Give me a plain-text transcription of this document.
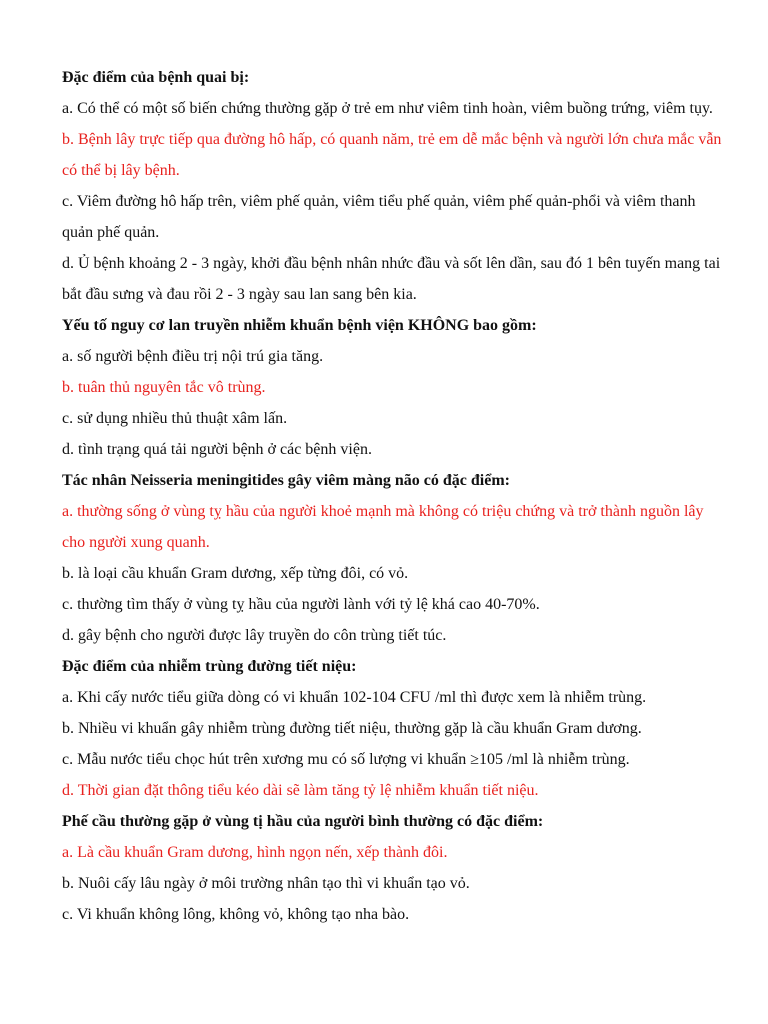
Đặc điểm của bệnh quai bị:
a. Có thể có một số biến chứng thường gặp ở trẻ em như viêm tinh hoàn, viêm buồng trứng, viêm tụy.
b. Bệnh lây trực tiếp qua đường hô hấp, có quanh năm, trẻ em dễ mắc bệnh và người lớn chưa mắc vẫn có thể bị lây bệnh.
c. Viêm đường hô hấp trên, viêm phế quản, viêm tiểu phế quản, viêm phế quản-phổi và viêm thanh quản phế quản.
d. Ủ bệnh khoảng 2 - 3 ngày, khởi đầu bệnh nhân nhức đầu và sốt lên dần, sau đó 1 bên tuyến mang tai bắt đầu sưng và đau rồi 2 - 3 ngày sau lan sang bên kia.
Yếu tố nguy cơ lan truyền nhiễm khuẩn bệnh viện KHÔNG bao gồm:
a. số người bệnh điều trị nội trú gia tăng.
b. tuân thủ nguyên tắc vô trùng.
c. sử dụng nhiều thủ thuật xâm lấn.
d. tình trạng quá tải người bệnh ở các bệnh viện.
Tác nhân Neisseria meningitides gây viêm màng não có đặc điểm:
a. thường sống ở vùng tỵ hầu của người khoẻ mạnh mà không có triệu chứng và trở thành nguồn lây cho người xung quanh.
b. là loại cầu khuẩn Gram dương, xếp từng đôi, có vỏ.
c. thường tìm thấy ở vùng tỵ hầu của người lành với tỷ lệ khá cao 40-70%.
d. gây bệnh cho người được lây truyền do côn trùng tiết túc.
Đặc điểm của nhiễm trùng đường tiết niệu:
a. Khi cấy nước tiểu giữa dòng có vi khuẩn 102-104 CFU /ml thì được xem là nhiễm trùng.
b. Nhiều vi khuẩn gây nhiễm trùng đường tiết niệu, thường gặp là cầu khuẩn Gram dương.
c. Mẫu nước tiểu chọc hút trên xương mu có số lượng vi khuẩn ≥105 /ml là nhiễm trùng.
d. Thời gian đặt thông tiểu kéo dài sẽ làm tăng tỷ lệ nhiễm khuẩn tiết niệu.
Phế cầu thường gặp ở vùng tị hầu của người bình thường có đặc điểm:
a. Là cầu khuẩn Gram dương, hình ngọn nến, xếp thành đôi.
b. Nuôi cấy lâu ngày ở môi trường nhân tạo thì vi khuẩn tạo vỏ.
c. Vi khuẩn không lông, không vỏ, không tạo nha bào.
